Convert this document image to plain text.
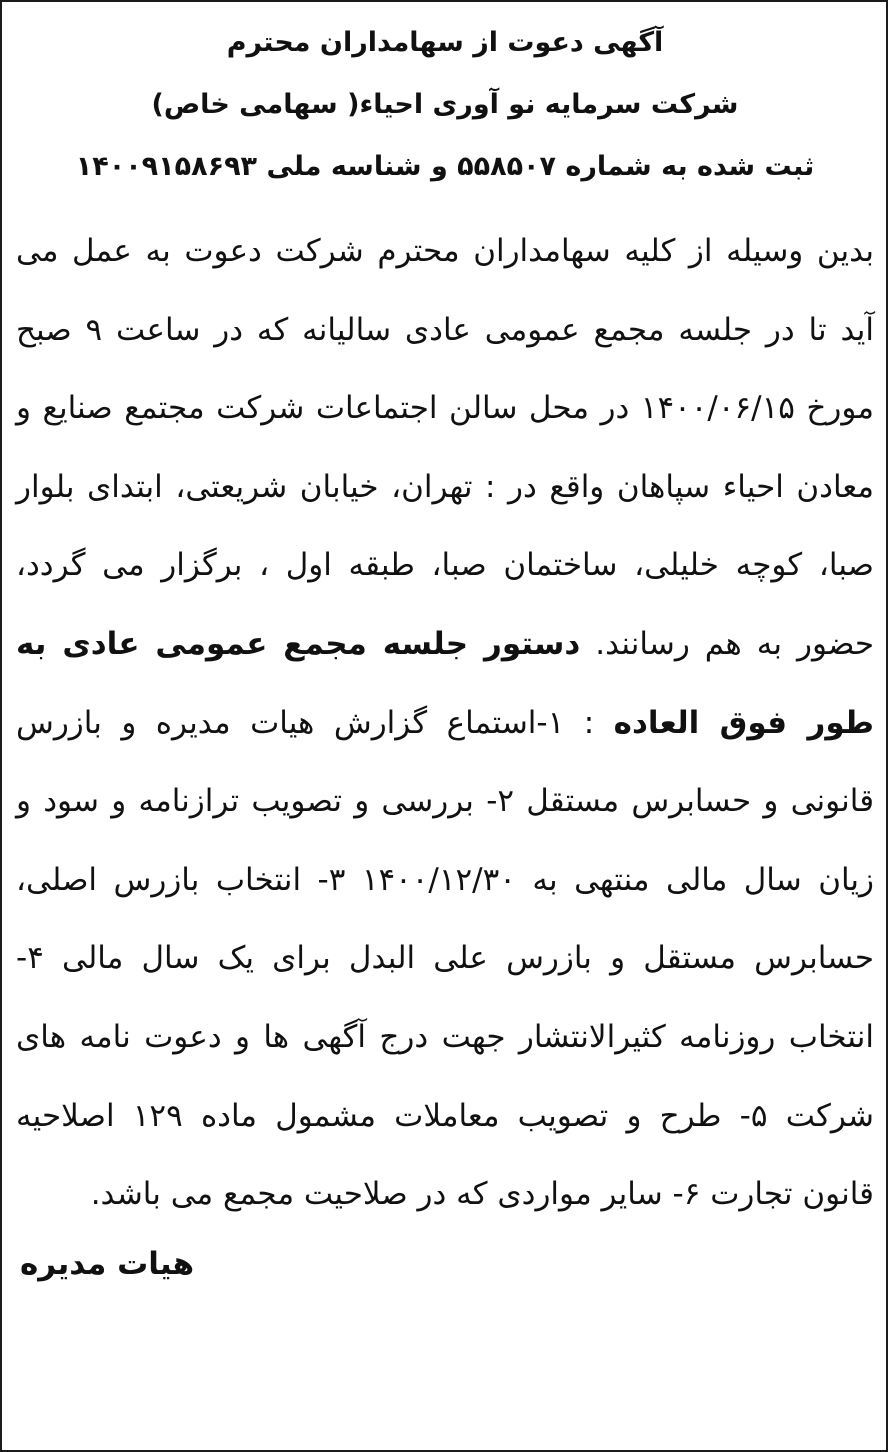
آگهی دعوت از سهامداران محترم
شرکت سرمایه نو آوری احیاء( سهامی خاص)
ثبت شده به شماره ۵۵۸۵۰۷ و شناسه ملی ۱۴۰۰۹۱۵۸۶۹۳
بدین وسیله از کلیه سهامداران محترم شرکت دعوت به عمل می آید تا در جلسه مجمع عمومی عادی سالیانه که در ساعت ۹ صبح مورخ ۱۴۰۰/۰۶/۱۵ در محل سالن اجتماعات شرکت مجتمع صنایع و معادن احیاء سپاهان واقع در : تهران، خیابان شریعتی، ابتدای بلوار صبا، کوچه خلیلی، ساختمان صبا، طبقه اول ، برگزار می گردد، حضور به هم رسانند. دستور جلسه مجمع عمومی عادی به طور فوق العاده : ۱-استماع گزارش هیات مدیره و بازرس قانونی و حسابرس مستقل ۲- بررسی و تصویب ترازنامه و سود و زیان سال مالی منتهی به ۱۴۰۰/۱۲/۳۰ ۳- انتخاب بازرس اصلی، حسابرس مستقل و بازرس علی البدل برای یک سال مالی ۴- انتخاب روزنامه کثیرالانتشار جهت درج آگهی ها و دعوت نامه های شرکت ۵- طرح و تصویب معاملات مشمول ماده ۱۲۹ اصلاحیه قانون تجارت ۶- سایر مواردی که در صلاحیت مجمع می باشد.
هیات مدیره
